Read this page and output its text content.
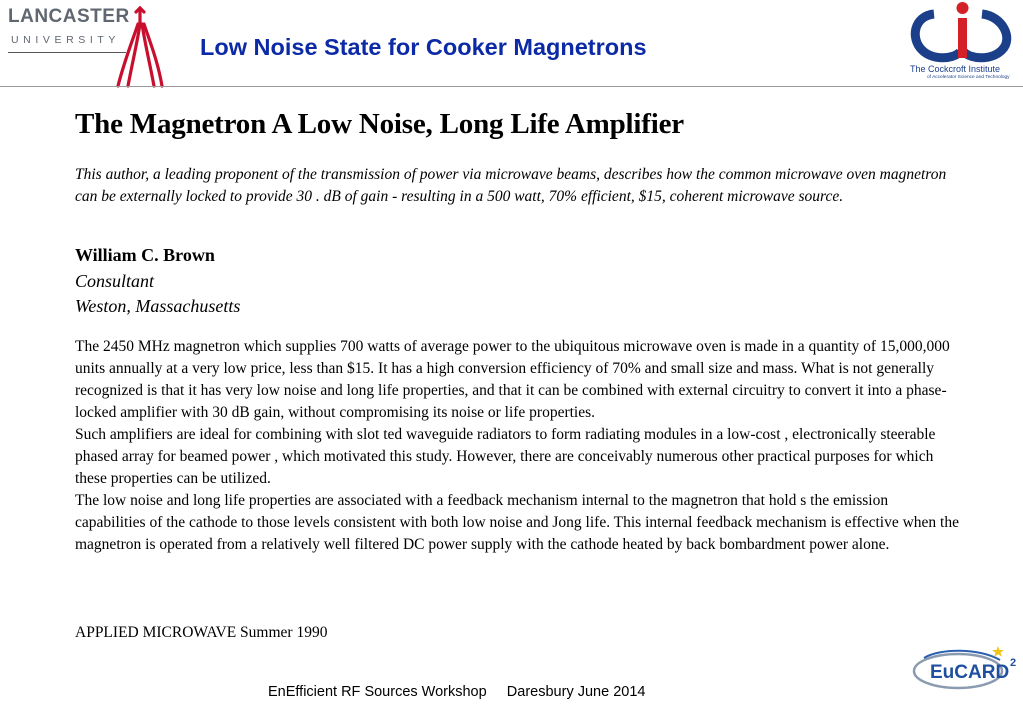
LANCASTER
UNIVERSITY	Low Noise State for Cooker Magnetrons
The Cockcroft Institute
of Accelerator Science and Technology
The Magnetron A Low Noise, Long Life Amplifier
This author, a leading proponent of the transmission of power via microwave beams, describes how the common microwave oven magnetron can be externally locked to provide 30 . dB of gain - resulting in a 500 watt, 70% efficient, $15, coherent microwave source.
William C. Brown
Consultant
Weston, Massachusetts

The 2450 MHz magnetron which supplies 700 watts of average power to the ubiquitous microwave oven is made in a quantity of 15,000,000 units annually at a very low price, less than $15. It has a high conversion efficiency of 70% and small size and mass. What is not generally recognized is that it has very low noise and long life properties, and that it can be combined with external circuitry to convert it into a phase-locked amplifier with 30 dB gain, without compromising its noise or life properties.

Such amplifiers are ideal for combining with slot ted waveguide radiators to form radiating modules in a low-cost , electronically steerable phased array for beamed power , which motivated this study. However, there are conceivably numerous other practical purposes for which these properties can be utilized.

The low noise and long life properties are associated with a feedback mechanism internal to the magnetron that hold s the emission capabilities of the cathode to those levels consistent with both low noise and Jong life. This internal feedback mechanism is effective when the magnetron is operated from a relatively well filtered DC power supply with the cathode heated by back bombardment power alone.

APPLIED MICROWAVE Summer 1990
EuCARD 2
EnEfficient RF Sources Workshop     Daresbury June 2014
